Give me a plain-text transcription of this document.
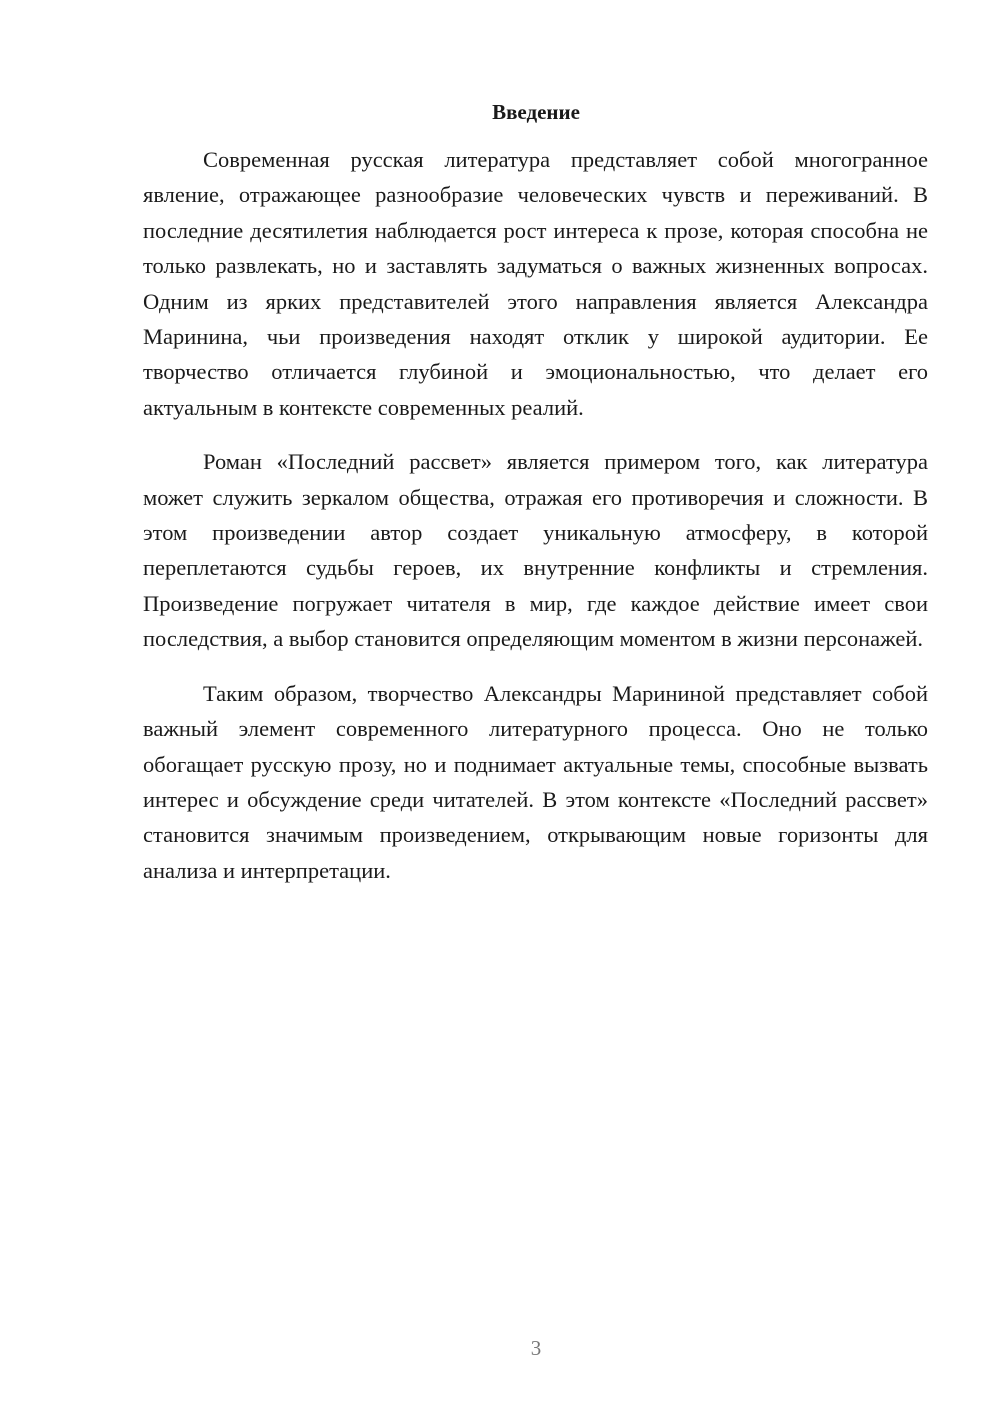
Введение

Современная русская литература представляет собой многогранное явление, отражающее разнообразие человеческих чувств и переживаний. В последние десятилетия наблюдается рост интереса к прозе, которая способна не только развлекать, но и заставлять задуматься о важных жизненных вопросах. Одним из ярких представителей этого направления является Александра Маринина, чьи произведения находят отклик у широкой аудитории. Ее творчество отличается глубиной и эмоциональностью, что делает его актуальным в контексте современных реалий.

Роман «Последний рассвет» является примером того, как литература может служить зеркалом общества, отражая его противоречия и сложности. В этом произведении автор создает уникальную атмосферу, в которой переплетаются судьбы героев, их внутренние конфликты и стремления. Произведение погружает читателя в мир, где каждое действие имеет свои последствия, а выбор становится определяющим моментом в жизни персонажей.

Таким образом, творчество Александры Марининой представляет собой важный элемент современного литературного процесса. Оно не только обогащает русскую прозу, но и поднимает актуальные темы, способные вызвать интерес и обсуждение среди читателей. В этом контексте «Последний рассвет» становится значимым произведением, открывающим новые горизонты для анализа и интерпретации.

3
